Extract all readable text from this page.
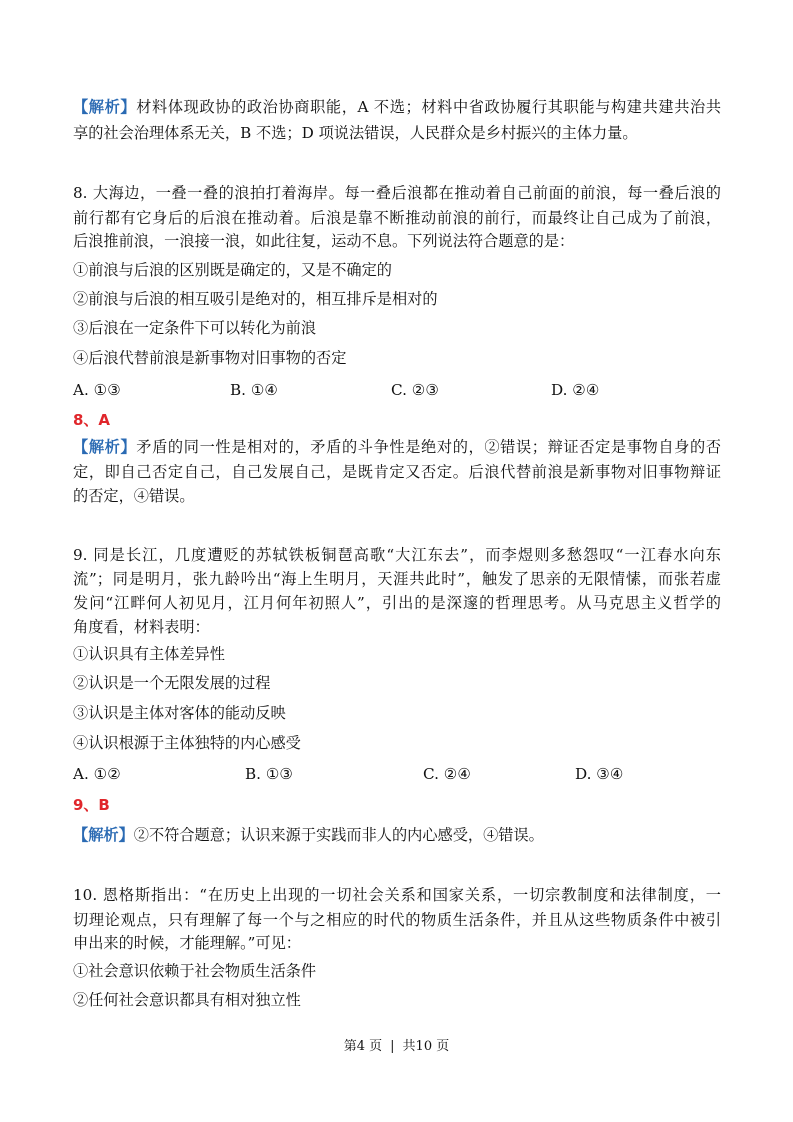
【解析】材料体现政协的政治协商职能，A 不选；材料中省政协履行其职能与构建共建共治共
享的社会治理体系无关，B 不选；D 项说法错误，人民群众是乡村振兴的主体力量。
8. 大海边，一叠一叠的浪拍打着海岸。每一叠后浪都在推动着自己前面的前浪，每一叠后浪的
前行都有它身后的后浪在推动着。后浪是靠不断推动前浪的前行，而最终让自己成为了前浪，
后浪推前浪，一浪接一浪，如此往复，运动不息。下列说法符合题意的是：
①前浪与后浪的区别既是确定的，又是不确定的
②前浪与后浪的相互吸引是绝对的，相互排斥是相对的
③后浪在一定条件下可以转化为前浪
④后浪代替前浪是新事物对旧事物的否定
A. ①③	B. ①④	C. ②③	D. ②④
8、A
【解析】矛盾的同一性是相对的，矛盾的斗争性是绝对的，②错误；辩证否定是事物自身的否
定，即自己否定自己，自己发展自己，是既肯定又否定。后浪代替前浪是新事物对旧事物辩证
的否定，④错误。
9. 同是长江，几度遭贬的苏轼铁板铜琶高歌“大江东去”，而李煜则多愁怨叹“一江春水向东
流”；同是明月，张九龄吟出“海上生明月，天涯共此时”，触发了思亲的无限情愫，而张若虚
发问“江畔何人初见月，江月何年初照人”，引出的是深邃的哲理思考。从马克思主义哲学的
角度看，材料表明：
①认识具有主体差异性
②认识是一个无限发展的过程
③认识是主体对客体的能动反映
④认识根源于主体独特的内心感受
A. ①②	B. ①③	C. ②④	D. ③④
9、B
【解析】②不符合题意；认识来源于实践而非人的内心感受，④错误。
10. 恩格斯指出：“在历史上出现的一切社会关系和国家关系，一切宗教制度和法律制度，一
切理论观点，只有理解了每一个与之相应的时代的物质生活条件，并且从这些物质条件中被引
申出来的时候，才能理解。”可见：
①社会意识依赖于社会物质生活条件
②任何社会意识都具有相对独立性
第4 页 | 共10 页
